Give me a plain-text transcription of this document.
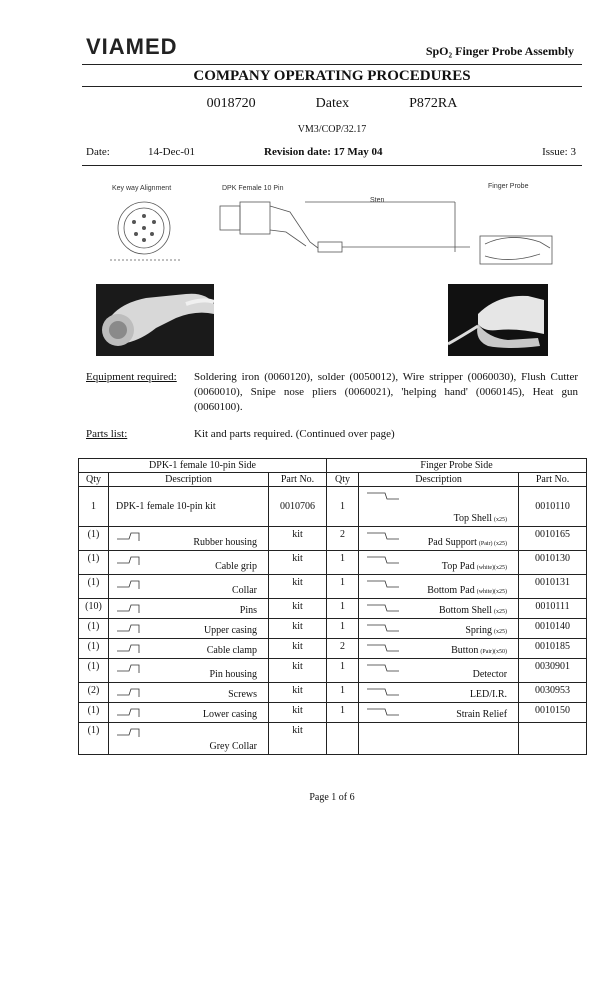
VIAMED	SpO₂ Finger Probe Assembly
COMPANY OPERATING PROCEDURES
0018720	Datex	P872RA
VM3/COP/32.17
Date:	14-Dec-01	Revision date: 17 May 04	Issue: 3
Key way Alignment	DPK Female 10 Pin	Finger Probe
Sten
Equipment required: Soldering iron (0060120), solder (0050012), Wire stripper (0060030), Flush Cutter (0060010), Snipe nose pliers (0060021), 'helping hand' (0060145), Heat gun (0060100).
Parts list:	Kit and parts required. (Continued over page)
DPK-1 female 10-pin Side			Finger Probe Side		
Qty	Description	Part No.	Qty	Description	Part No.
1	DPK-1 female 10-pin kit	0010706	1	Top Shell (x25)	0010110
(1)	Rubber housing	kit	2	Pad Support (Pair) (x25)	0010165
(1)	Cable grip	kit	1	Top Pad (white)(x25)	0010130
(1)	Collar	kit	1	Bottom Pad (white)(x25)	0010131
(10)	Pins	kit	1	Bottom Shell (x25)	0010111
(1)	Upper casing	kit	1	Spring (x25)	0010140
(1)	Cable clamp	kit	2	Button (Pair)(x50)	0010185
(1)	Pin housing	kit	1	Detector	0030901
(2)	Screws	kit	1	LED/I.R.	0030953
(1)	Lower casing	kit	1	Strain Relief	0010150
(1)	Grey Collar	kit		

Page 1 of 6
